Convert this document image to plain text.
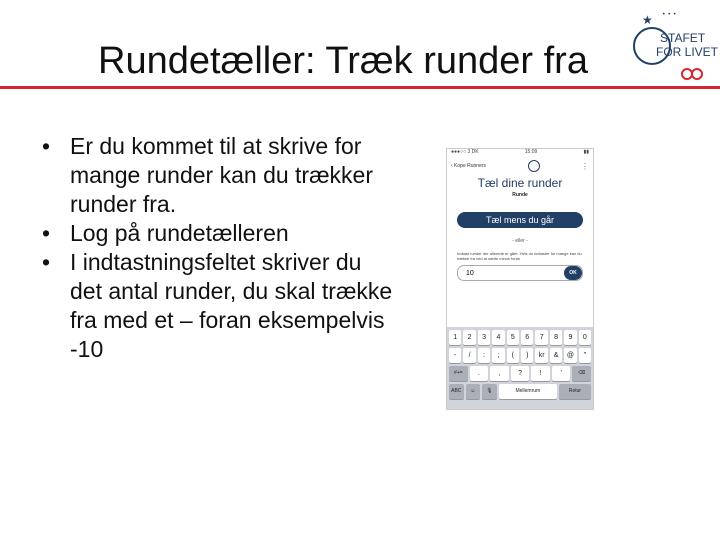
Rundetæller: Træk runder fra
★ • • •
STAFET
FOR LIVET
• Er du kommet til at skrive for mange runder kan du trækker runder fra.
• Log på rundetælleren
• I indtastningsfeltet skriver du det antal runder, du skal trække fra med et – foran eksempelvis -10
●●●○○ 3 DK	15:09	▮▮
‹ Kope Runners	⋮
Tæl dine runder
Runde
Tæl mens du går
- eller -
Indtast runder der allerede er gået. Hvis du indtaster for mange kan du trække fra ved at sætte minus foran
10
OK
1	2	3	4	5	6	7	8	9	0
-	/	:	;	(	)	kr	&	@	"
#+=	.	,	?	!	'	⌫
ABC	☺	🎙	Mellemrum	Retur
